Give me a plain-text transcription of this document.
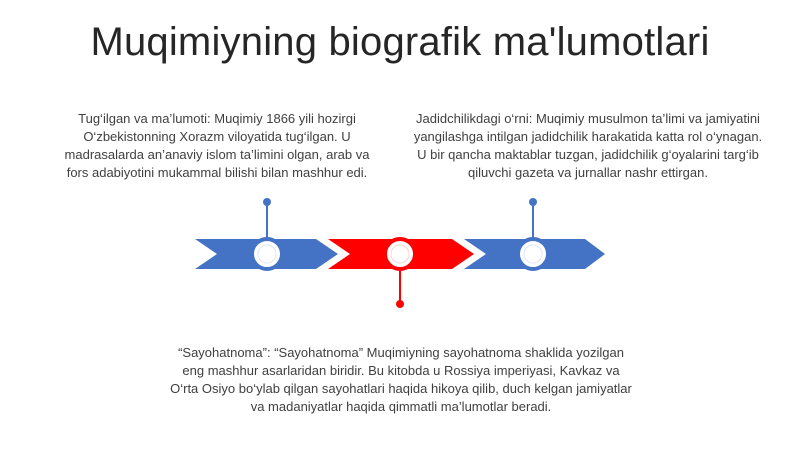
Muqimiyning biografik ma'lumotlari
Tug‘ilgan va ma’lumoti: Muqimiy 1866 yili hozirgi O‘zbekistonning Xorazm viloyatida tug‘ilgan. U madrasalarda an’anaviy islom ta’limini olgan, arab va fors adabiyotini mukammal bilishi bilan mashhur edi.
Jadidchilikdagi o‘rni: Muqimiy musulmon ta’limi va jamiyatini yangilashga intilgan jadidchilik harakatida katta rol o‘ynagan. U bir qancha maktablar tuzgan, jadidchilik g‘oyalarini targ‘ib qiluvchi gazeta va jurnallar nashr ettirgan.
“Sayohatnoma”: “Sayohatnoma” Muqimiyning sayohatnoma shaklida yozilgan eng mashhur asarlaridan biridir. Bu kitobda u Rossiya imperiyasi, Kavkaz va O‘rta Osiyo bo‘ylab qilgan sayohatlari haqida hikoya qilib, duch kelgan jamiyatlar va madaniyatlar haqida qimmatli ma’lumotlar beradi.
